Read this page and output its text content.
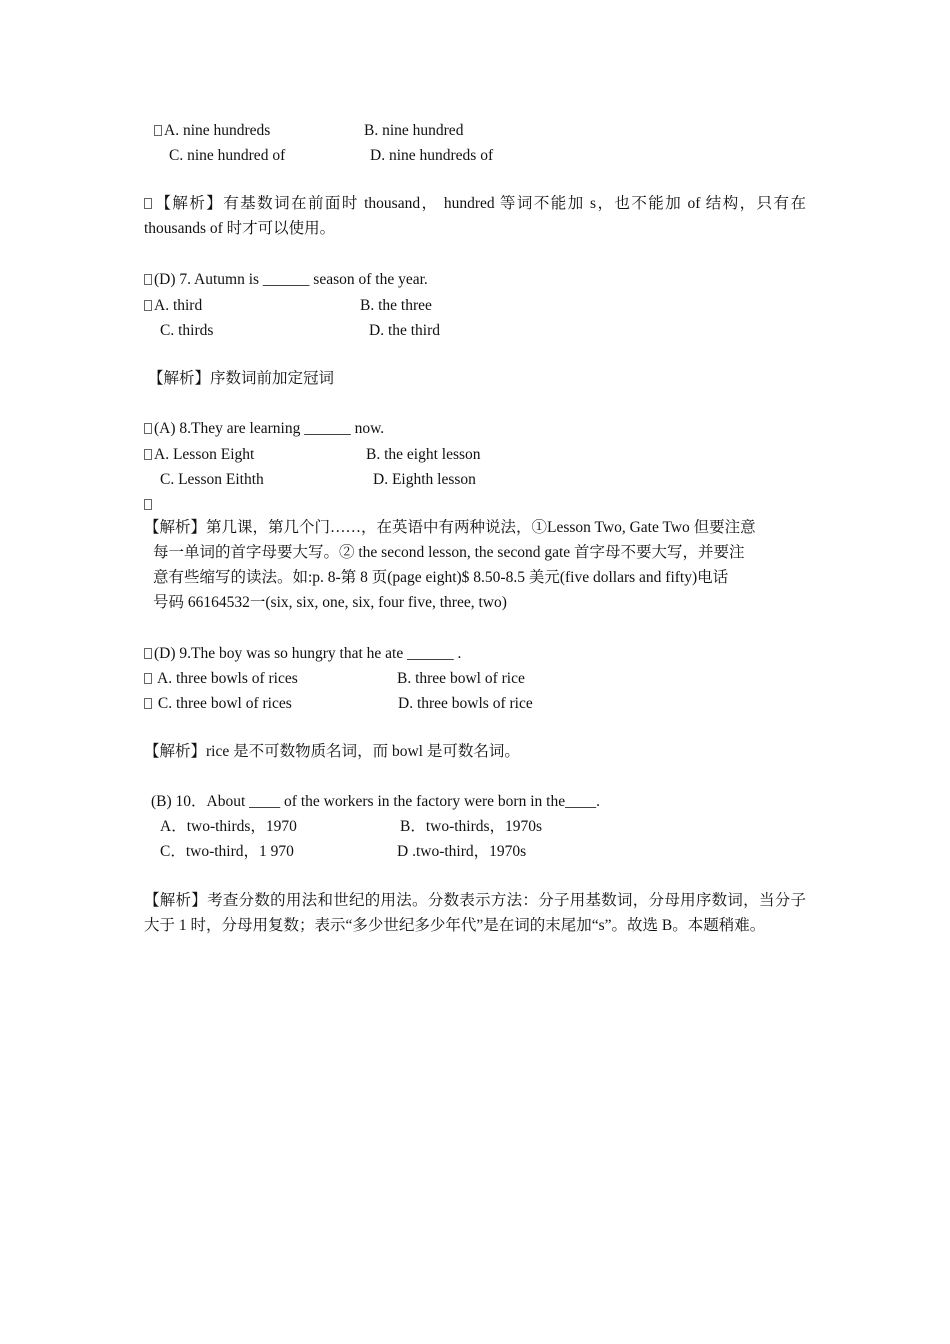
A. nine hundreds	B. nine hundred
C. nine hundred of	D. nine hundreds of
【解析】有基数词在前面时 thousand， hundred 等词不能加 s，也不能加 of 结构，只有在 thousands of 时才可以使用。
(D) 7. Autumn is ______ season of the year.
A. third	B. the three
C. thirds	D. the third
【解析】序数词前加定冠词
(A) 8.They are learning ______ now.
A. Lesson Eight	B. the eight lesson
C. Lesson Eithth	D. Eighth lesson
【解析】第几课，第几个门……，在英语中有两种说法，①Lesson Two, Gate Two 但要注意
每一单词的首字母要大写。② the second lesson, the second gate 首字母不要大写，并要注
意有些缩写的读法。如:p. 8-第 8 页(page eight)$ 8.50-8.5 美元(five dollars and fifty)电话
号码 66164532一(six, six, one, six, four five, three, two)
(D) 9.The boy was so hungry that he ate ______ .
A. three bowls of rices	B. three bowl of rice
C. three bowl of rices	D. three bowls of rice
【解析】rice 是不可数物质名词，而 bowl 是可数名词。
(B) 10．About ____ of the workers in the factory were born in the____.
A．two-thirds，1970	B．two-thirds，1970s
C．two-third，1 970	D .two-third，1970s
【解析】考查分数的用法和世纪的用法。分数表示方法：分子用基数词，分母用序数词，当分子大于 1 时，分母用复数；表示“多少世纪多少年代”是在词的末尾加“s”。故选 B。本题稍难。
